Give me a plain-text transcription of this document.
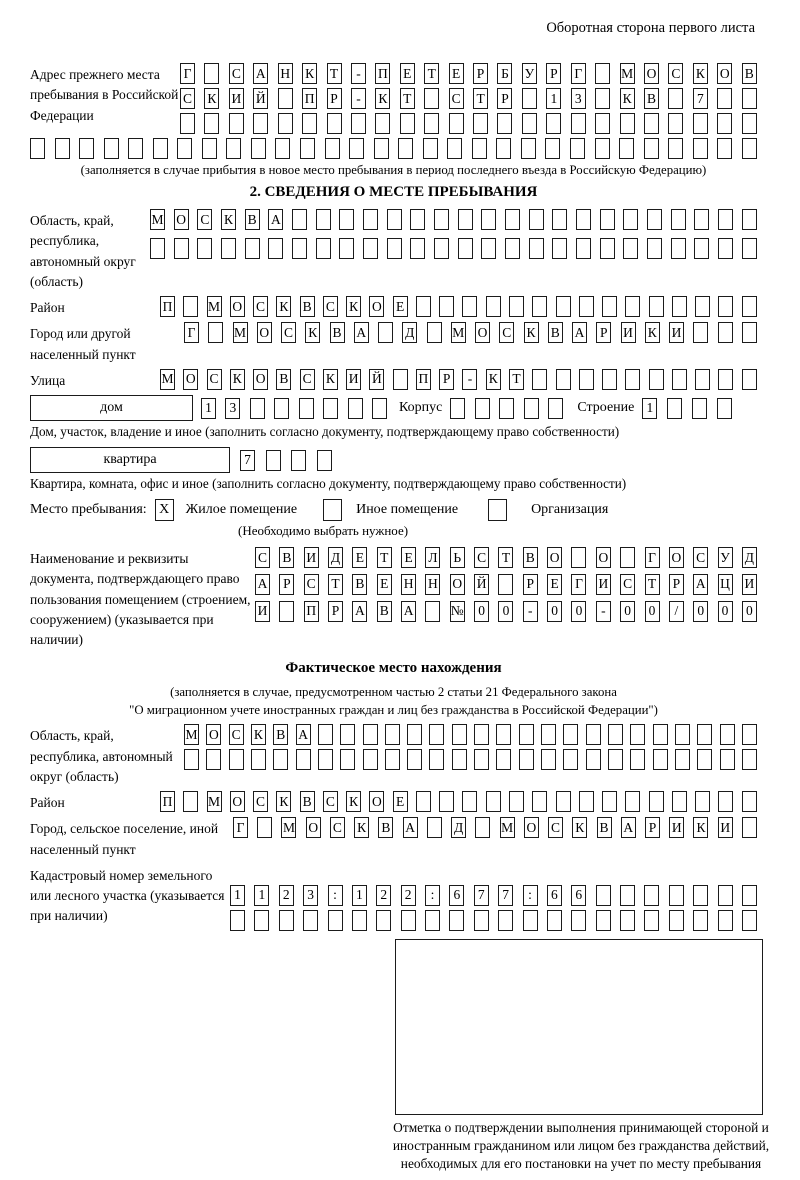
Оборотная сторона первого листа
Адрес прежнего места пребывания в Российской Федерации
Г	С А Н К Т	-	П Е Т Е Р Б У Р Г	М О С К О В
С К И Й	П Р	-	К Т	С Т Р	1	3	К В	7
(заполняется в случае прибытия в новое место пребывания в период последнего въезда в Российскую Федерацию)
2. СВЕДЕНИЯ О МЕСТЕ ПРЕБЫВАНИЯ
Область, край, республика, автономный округ (область)
М О С К В А
Район	П	М О С К В С К О Е
Город или другой населенный пункт
Г	М О С К В А	Д	М О С К В А Р И К И
Улица	М О С К О В С К И Й	П Р	-	К Т
дом	1	3	Корпус	Строение 1
Дом, участок, владение и иное (заполнить согласно документу, подтверждающему право собственности)
квартира	7
Квартира, комната, офис и иное (заполнить согласно документу, подтверждающему право собственности)
Место пребывания: X	Жилое помещение	Иное помещение	Организация
(Необходимо выбрать нужное)
Наименование и реквизиты документа, подтверждающего право пользования помещением (строением, сооружением) (указывается при наличии)
С В И Д Е Т Е Л Ь С Т В О	О	Г О С У Д
А Р С Т В Е Н Н О Й	Р Е Г И С Т Р А Ц И
И	П Р А В А	№	0	0	-	0	0	-	0	0	/	0	0	0
Фактическое место нахождения
(заполняется в случае, предусмотренном частью 2 статьи 21 Федерального закона
"О миграционном учете иностранных граждан и лиц без гражданства в Российской Федерации")
Область, край, республика, автономный округ (область)
М О С К В А
Район	П	М О С К В С К О Е
Город, сельское поселение, иной населенный пункт
Г	М О С К В А	Д	М О С К В А Р И К И
Кадастровый номер земельного или лесного участка (указывается при наличии)
1	1	2	3	:	1	2	2	:	6	7	7	:	6	6
Отметка о подтверждении выполнения принимающей стороной и иностранным гражданином или лицом без гражданства действий, необходимых для его постановки на учет по месту пребывания
